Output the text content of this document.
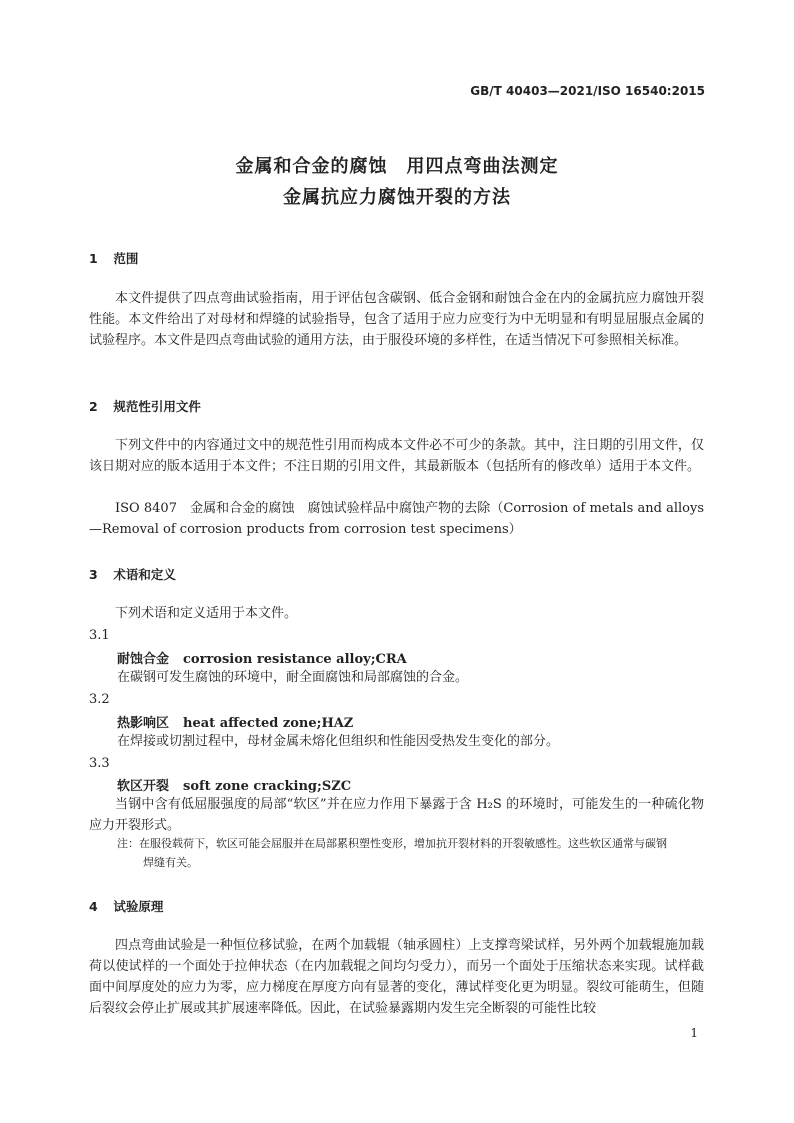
GB/T 40403—2021/ISO 16540:2015
金属和合金的腐蚀　用四点弯曲法测定
金属抗应力腐蚀开裂的方法
1 范围

本文件提供了四点弯曲试验指南，用于评估包含碳钢、低合金钢和耐蚀合金在内的金属抗应力腐蚀开裂性能。本文件给出了对母材和焊缝的试验指导，包含了适用于应力应变行为中无明显和有明显屈服点金属的试验程序。本文件是四点弯曲试验的通用方法，由于服役环境的多样性，在适当情况下可参照相关标准。

2 规范性引用文件

下列文件中的内容通过文中的规范性引用而构成本文件必不可少的条款。其中，注日期的引用文件，仅该日期对应的版本适用于本文件；不注日期的引用文件，其最新版本（包括所有的修改单）适用于本文件。

ISO 8407　金属和合金的腐蚀　腐蚀试验样品中腐蚀产物的去除（Corrosion of metals and alloys—Removal of corrosion products from corrosion test specimens）

3 术语和定义

下列术语和定义适用于本文件。

3.1

耐蚀合金 corrosion resistance alloy;CRA

在碳钢可发生腐蚀的环境中，耐全面腐蚀和局部腐蚀的合金。

3.2

热影响区 heat affected zone;HAZ

在焊接或切割过程中，母材金属未熔化但组织和性能因受热发生变化的部分。

3.3

软区开裂 soft zone cracking;SZC

当钢中含有低屈服强度的局部“软区”并在应力作用下暴露于含 H₂S 的环境时，可能发生的一种硫化物应力开裂形式。

注：在服役载荷下，软区可能会屈服并在局部累积塑性变形，增加抗开裂材料的开裂敏感性。这些软区通常与碳钢
焊缝有关。
4 试验原理

四点弯曲试验是一种恒位移试验，在两个加载辊（轴承圆柱）上支撑弯梁试样，另外两个加载辊施加载荷以使试样的一个面处于拉伸状态（在内加载辊之间均匀受力），而另一个面处于压缩状态来实现。试样截面中间厚度处的应力为零，应力梯度在厚度方向有显著的变化，薄试样变化更为明显。裂纹可能萌生，但随后裂纹会停止扩展或其扩展速率降低。因此，在试验暴露期内发生完全断裂的可能性比较

1
